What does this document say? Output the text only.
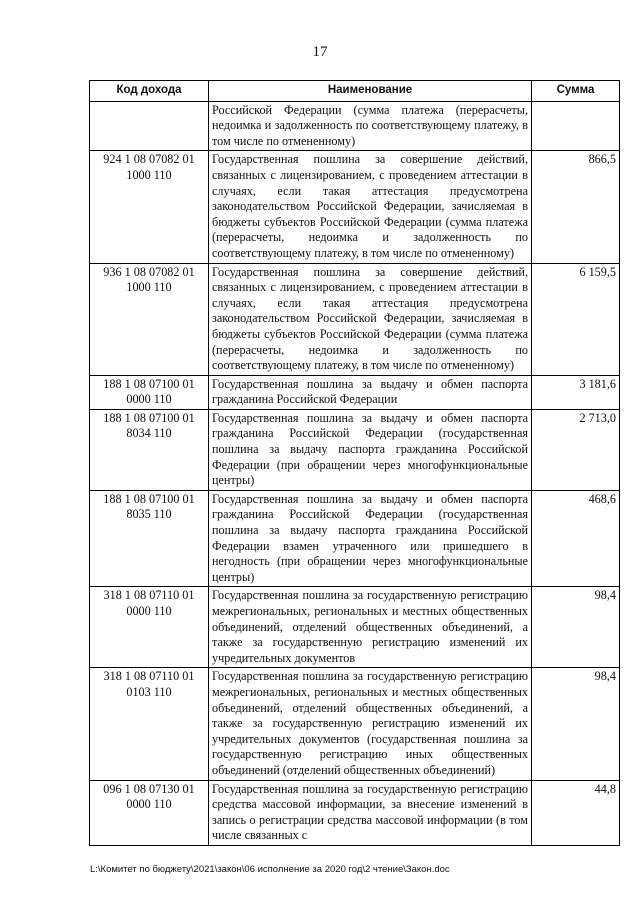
17
Код дохода	Наименование	Сумма
	Российской Федерации (сумма платежа (перерасчеты, недоимка и задолженность по соответствующему платежу, в том числе по отмененному)	
924 1 08 07082 01 1000 110	Государственная пошлина за совершение действий, связанных с лицензированием, с проведением аттестации в случаях, если такая аттестация предусмотрена законодательством Российской Федерации, зачисляемая в бюджеты субъектов Российской Федерации (сумма платежа (перерасчеты, недоимка и задолженность по соответствующему платежу, в том числе по отмененному)	866,5
936 1 08 07082 01 1000 110	Государственная пошлина за совершение действий, связанных с лицензированием, с проведением аттестации в случаях, если такая аттестация предусмотрена законодательством Российской Федерации, зачисляемая в бюджеты субъектов Российской Федерации (сумма платежа (перерасчеты, недоимка и задолженность по соответствующему платежу, в том числе по отмененному)	6 159,5
188 1 08 07100 01 0000 110	Государственная пошлина за выдачу и обмен паспорта гражданина Российской Федерации	3 181,6
188 1 08 07100 01 8034 110	Государственная пошлина за выдачу и обмен паспорта гражданина Российской Федерации (государственная пошлина за выдачу паспорта гражданина Российской Федерации (при обращении через многофункциональные центры)	2 713,0
188 1 08 07100 01 8035 110	Государственная пошлина за выдачу и обмен паспорта гражданина Российской Федерации (государственная пошлина за выдачу паспорта гражданина Российской Федерации взамен утраченного или пришедшего в негодность (при обращении через многофункциональные центры)	468,6
318 1 08 07110 01 0000 110	Государственная пошлина за государственную регистрацию межрегиональных, региональных и местных общественных объединений, отделений общественных объединений, а также за государственную регистрацию изменений их учредительных документов	98,4
318 1 08 07110 01 0103 110	Государственная пошлина за государственную регистрацию межрегиональных, региональных и местных общественных объединений, отделений общественных объединений, а также за государственную регистрацию изменений их учредительных документов (государственная пошлина за государственную регистрацию иных общественных объединений (отделений общественных объединений)	98,4
096 1 08 07130 01 0000 110	Государственная пошлина за государственную регистрацию средства массовой информации, за внесение изменений в запись о регистрации средства массовой информации (в том числе связанных с	44,8
L:\Комитет по бюджету\2021\закон\06 исполнение за 2020 год\2 чтение\Закон.doc
